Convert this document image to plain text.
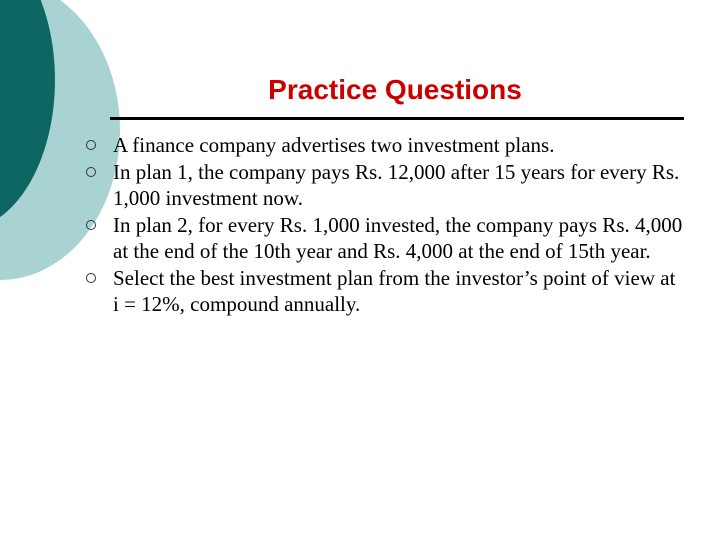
Practice Questions
A finance company advertises two investment plans.
In plan 1, the company pays Rs. 12,000 after 15 years for every Rs. 1,000 investment now.
In plan 2, for every Rs. 1,000 invested, the company pays Rs. 4,000 at the end of the 10th year and Rs. 4,000 at the end of 15th year.
Select the best investment plan from the investor’s point of view at i = 12%, compound annually.
